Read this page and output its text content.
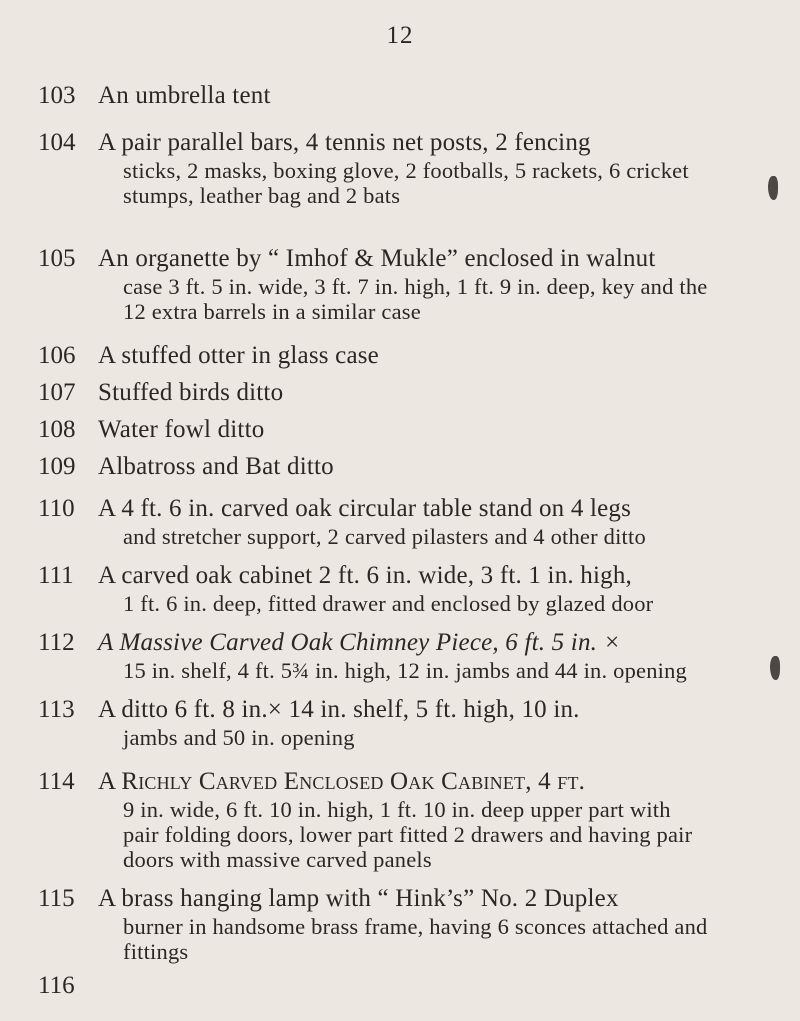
12
103 An umbrella tent
104 A pair parallel bars, 4 tennis net posts, 2 fencing
sticks, 2 masks, boxing glove, 2 footballs, 5 rackets, 6 cricket stumps, leather bag and 2 bats
105 An organette by “ Imhof & Mukle” enclosed in walnut
case 3 ft. 5 in. wide, 3 ft. 7 in. high, 1 ft. 9 in. deep, key and the 12 extra barrels in a similar case
106 A stuffed otter in glass case
107 Stuffed birds ditto
108 Water fowl ditto
109 Albatross and Bat ditto
110 A 4 ft. 6 in. carved oak circular table stand on 4 legs
and stretcher support, 2 carved pilasters and 4 other ditto
111 A carved oak cabinet 2 ft. 6 in. wide, 3 ft. 1 in. high,
1 ft. 6 in. deep, fitted drawer and enclosed by glazed door
112 A Massive Carved Oak Chimney Piece, 6 ft. 5 in. ×
15 in. shelf, 4 ft. 5¾ in. high, 12 in. jambs and 44 in. opening
113 A ditto 6 ft. 8 in.× 14 in. shelf, 5 ft. high, 10 in.
jambs and 50 in. opening
114 A Richly Carved Enclosed Oak Cabinet, 4 ft.
9 in. wide, 6 ft. 10 in. high, 1 ft. 10 in. deep upper part with pair folding doors, lower part fitted 2 drawers and having pair doors with massive carved panels
115 A brass hanging lamp with “ Hink’s” No. 2 Duplex
burner in handsome brass frame, having 6 sconces attached and fittings
116
